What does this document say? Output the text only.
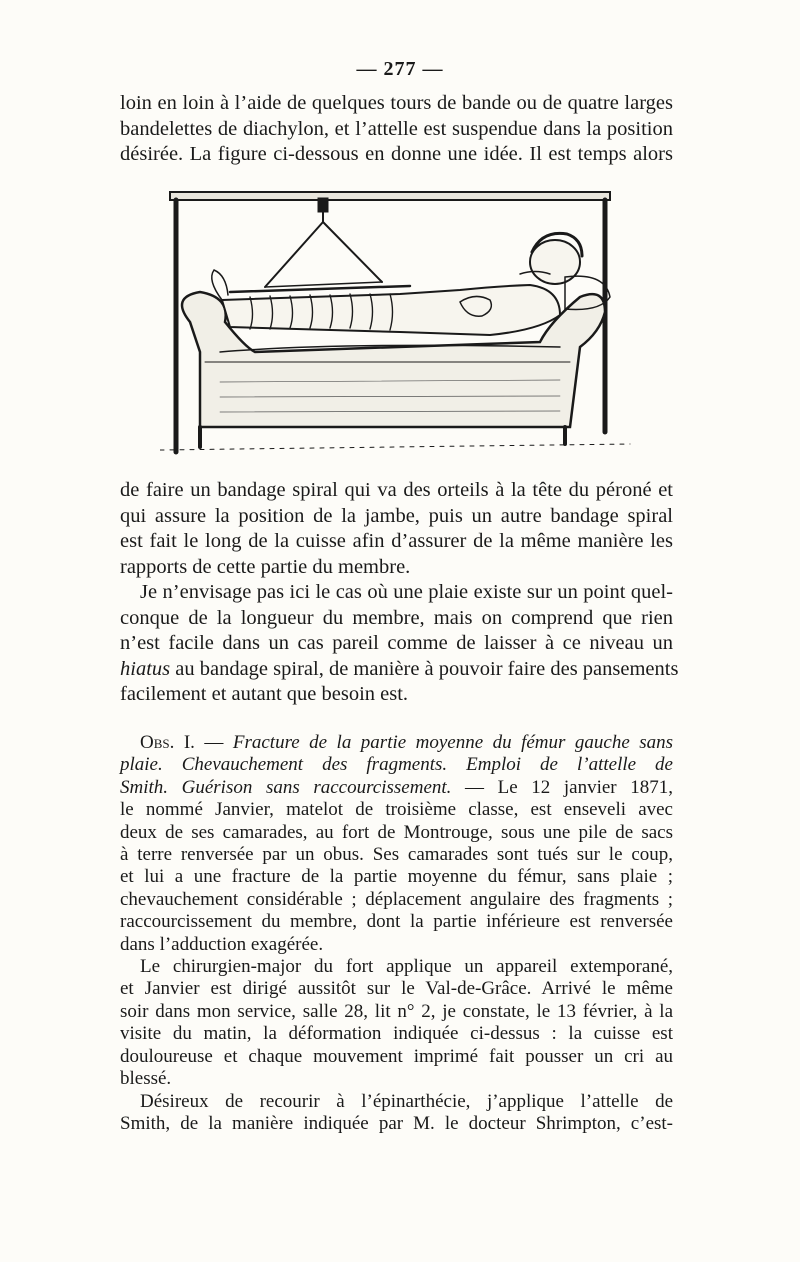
— 277 —

loin en loin à l’aide de quelques tours de bande ou de quatre larges
bandelettes de diachylon, et l’attelle est suspendue dans la position
désirée. La figure ci-dessous en donne une idée. Il est temps alors

de faire un bandage spiral qui va des orteils à la tête du péroné et
qui assure la position de la jambe, puis un autre bandage spiral
est fait le long de la cuisse afin d’assurer de la même manière les
rapports de cette partie du membre.

Je n’envisage pas ici le cas où une plaie existe sur un point quel-
conque de la longueur du membre, mais on comprend que rien
n’est facile dans un cas pareil comme de laisser à ce niveau un
hiatus au bandage spiral, de manière à pouvoir faire des pansements
facilement et autant que besoin est.

Obs. I. — Fracture de la partie moyenne du fémur gauche sans
plaie. Chevauchement des fragments. Emploi de l’attelle de
Smith. Guérison sans raccourcissement. — Le 12 janvier 1871,
le nommé Janvier, matelot de troisième classe, est enseveli avec
deux de ses camarades, au fort de Montrouge, sous une pile de sacs
à terre renversée par un obus. Ses camarades sont tués sur le coup,
et lui a une fracture de la partie moyenne du fémur, sans plaie ;
chevauchement considérable ; déplacement angulaire des fragments ;
raccourcissement du membre, dont la partie inférieure est renversée
dans l’adduction exagérée.
Le chirurgien-major du fort applique un appareil extemporané,
et Janvier est dirigé aussitôt sur le Val-de-Grâce. Arrivé le même
soir dans mon service, salle 28, lit n° 2, je constate, le 13 février, à la
visite du matin, la déformation indiquée ci-dessus : la cuisse est
douloureuse et chaque mouvement imprimé fait pousser un cri au
blessé.
Désireux de recourir à l’épinarthécie, j’applique l’attelle de
Smith, de la manière indiquée par M. le docteur Shrimpton, c’est-
